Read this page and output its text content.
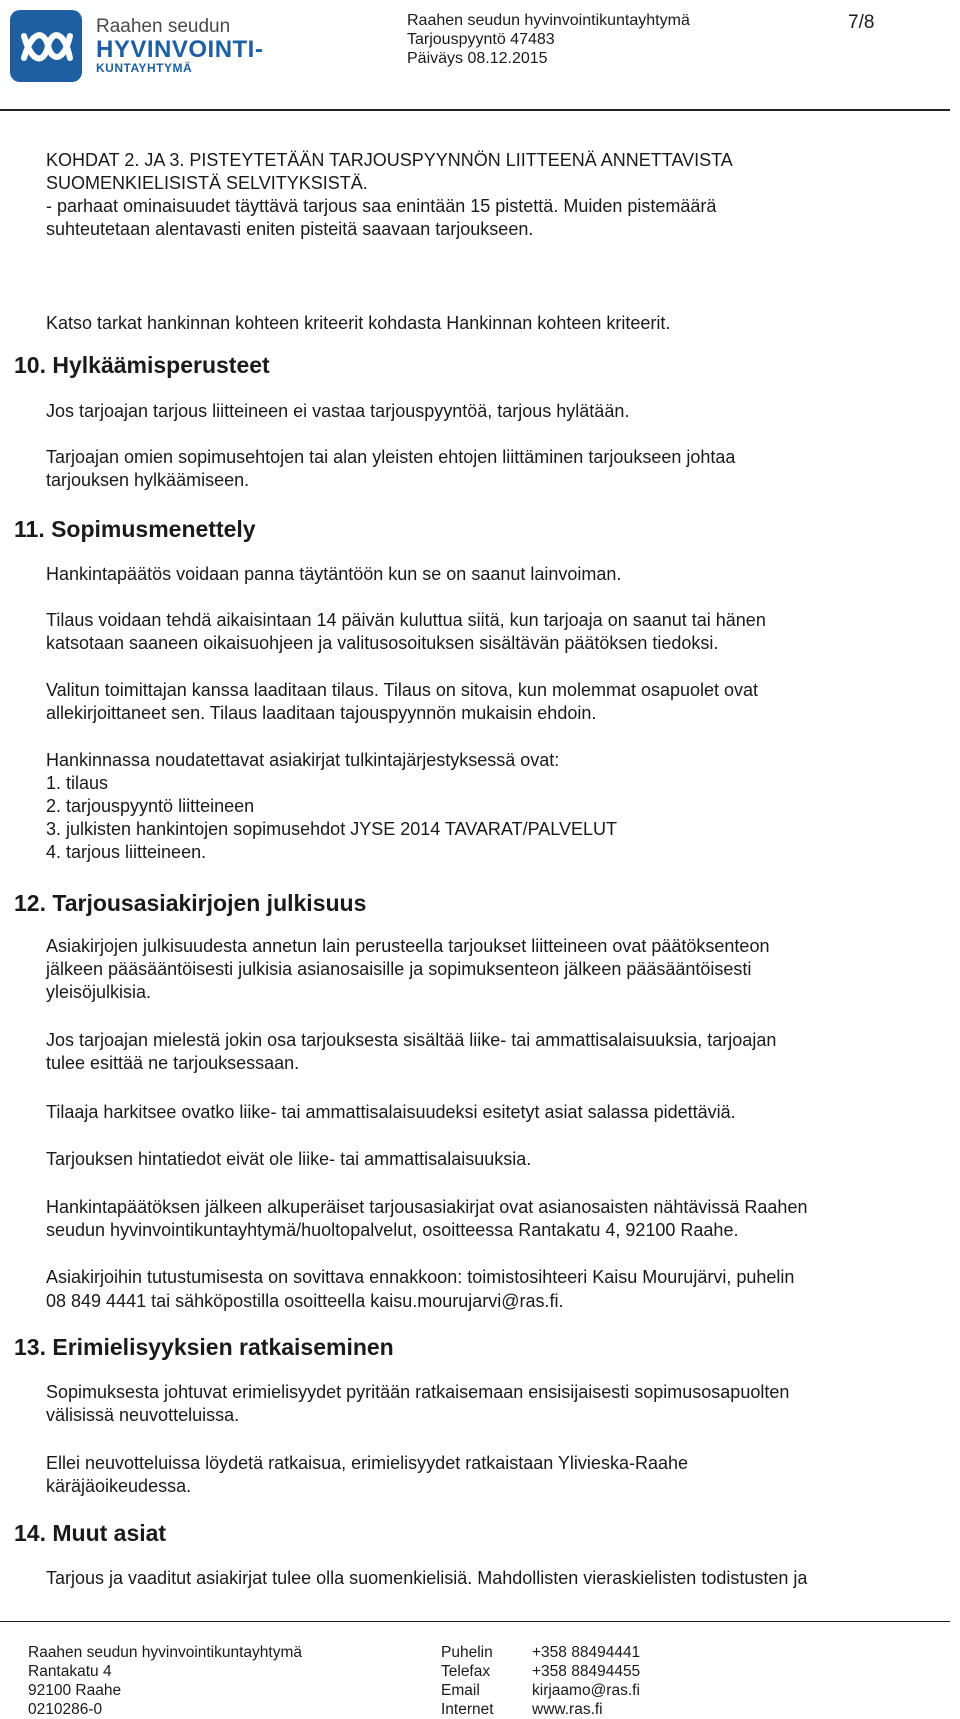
Raahen seudun
HYVINVOINTI-
KUNTAYHTYMÄ
Raahen seudun hyvinvointikuntayhtymä
Tarjouspyyntö 47483
Päiväys 08.12.2015
7/8
KOHDAT 2. JA 3. PISTEYTETÄÄN TARJOUSPYYNNÖN LIITTEENÄ ANNETTAVISTA
SUOMENKIELISISTÄ SELVITYKSISTÄ.
- parhaat ominaisuudet täyttävä tarjous saa enintään 15 pistettä. Muiden pistemäärä
suhteutetaan alentavasti eniten pisteitä saavaan tarjoukseen.
Katso tarkat hankinnan kohteen kriteerit kohdasta Hankinnan kohteen kriteerit.
10. Hylkäämisperusteet
Jos tarjoajan tarjous liitteineen ei vastaa tarjouspyyntöä, tarjous hylätään.
Tarjoajan omien sopimusehtojen tai alan yleisten ehtojen liittäminen tarjoukseen johtaa
tarjouksen hylkäämiseen.
11. Sopimusmenettely
Hankintapäätös voidaan panna täytäntöön kun se on saanut lainvoiman.
Tilaus voidaan tehdä aikaisintaan 14 päivän kuluttua siitä, kun tarjoaja on saanut tai hänen
katsotaan saaneen oikaisuohjeen ja valitusosoituksen sisältävän päätöksen tiedoksi.
Valitun toimittajan kanssa laaditaan tilaus. Tilaus on sitova, kun molemmat osapuolet ovat
allekirjoittaneet sen. Tilaus laaditaan tajouspyynnön mukaisin ehdoin.
Hankinnassa noudatettavat asiakirjat tulkintajärjestyksessä ovat:
1. tilaus
2. tarjouspyyntö liitteineen
3. julkisten hankintojen sopimusehdot JYSE 2014 TAVARAT/PALVELUT
4. tarjous liitteineen.
12. Tarjousasiakirjojen julkisuus
Asiakirjojen julkisuudesta annetun lain perusteella tarjoukset liitteineen ovat päätöksenteon
jälkeen pääsääntöisesti julkisia asianosaisille ja sopimuksenteon jälkeen pääsääntöisesti
yleisöjulkisia.
Jos tarjoajan mielestä jokin osa tarjouksesta sisältää liike- tai ammattisalaisuuksia, tarjoajan
tulee esittää ne tarjouksessaan.
Tilaaja harkitsee ovatko liike- tai ammattisalaisuudeksi esitetyt asiat salassa pidettäviä.
Tarjouksen hintatiedot eivät ole liike- tai ammattisalaisuuksia.
Hankintapäätöksen jälkeen alkuperäiset tarjousasiakirjat ovat asianosaisten nähtävissä Raahen
seudun hyvinvointikuntayhtymä/huoltopalvelut, osoitteessa Rantakatu 4, 92100 Raahe.
Asiakirjoihin tutustumisesta on sovittava ennakkoon: toimistosihteeri Kaisu Mourujärvi, puhelin
08 849 4441 tai sähköpostilla osoitteella kaisu.mourujarvi@ras.fi.
13. Erimielisyyksien ratkaiseminen
Sopimuksesta johtuvat erimielisyydet pyritään ratkaisemaan ensisijaisesti sopimusosapuolten
välisissä neuvotteluissa.
Ellei neuvotteluissa löydetä ratkaisua, erimielisyydet ratkaistaan Ylivieska-Raahe
käräjäoikeudessa.
14. Muut asiat
Tarjous ja vaaditut asiakirjat tulee olla suomenkielisiä. Mahdollisten vieraskielisten todistusten ja
Raahen seudun hyvinvointikuntayhtymä
Rantakatu 4
92100 Raahe
0210286-0
Puhelin
Telefax
Email
Internet
+358 88494441
+358 88494455
kirjaamo@ras.fi
www.ras.fi
